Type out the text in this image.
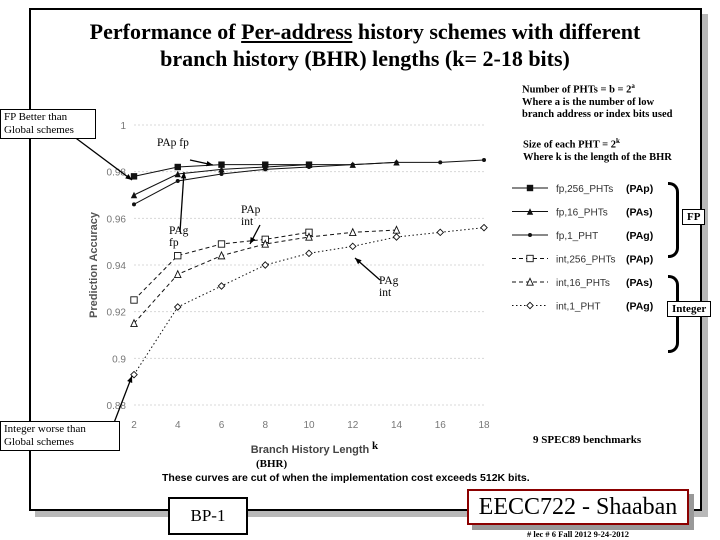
Performance of Per-address history schemes with different
branch history (BHR) lengths (k= 2-18 bits)
0.88
0.9
0.92
0.94
0.96
0.98
1
2	4	6	8	10	12	14	16	18
Branch History Length
Prediction Accuracy
fp,256_PHTs (PAp)
fp,16_PHTs (PAs)
fp,1_PHT	(PAg)
int,256_PHTs (PAp)
int,16_PHTs (PAs)
int,1_PHT (PAg)
FP Better than Global schemes
Integer worse than Global schemes
Number of PHTs = $b = 2^a$
Where a is the number of low
branch address or index bits used
Size of each PHT = $2^k$
Where k is the length of the BHR
PAp fp
PAp int
PAg fp
PAg int
FP
Integer
9 SPEC89 benchmarks
k
(BHR)
These curves are cut of when the implementation cost exceeds 512K bits.
BP-1	EECC722 - Shaaban
# lec # 6 Fall 2012 9-24-2012
